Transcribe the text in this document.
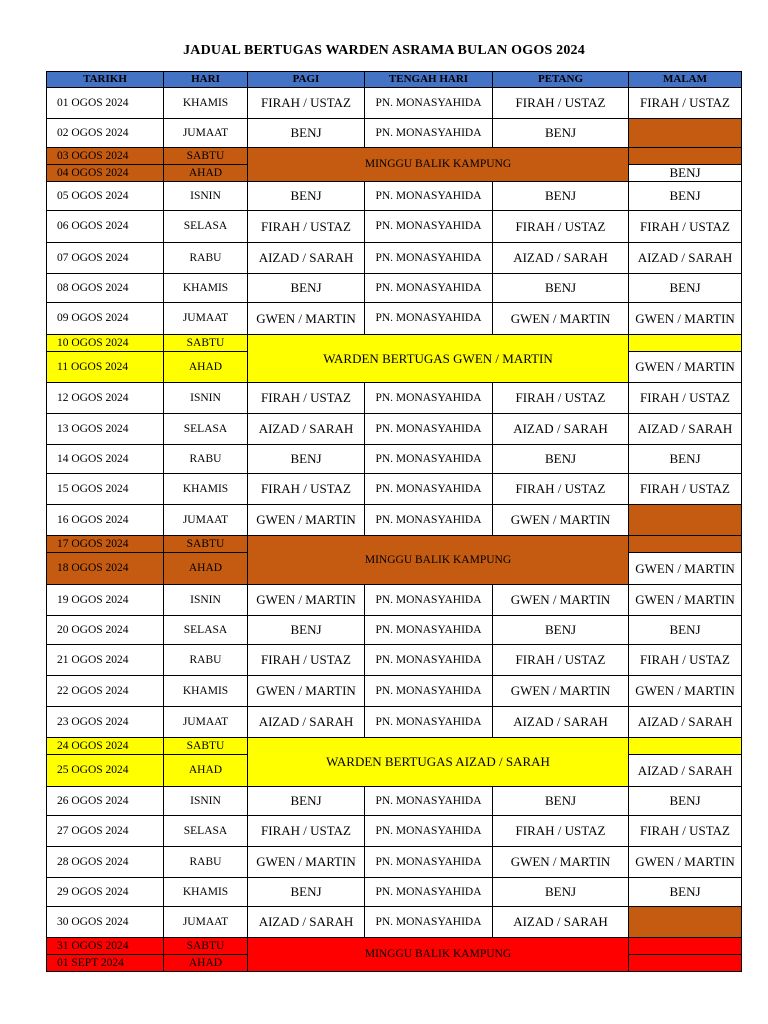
JADUAL BERTUGAS WARDEN ASRAMA BULAN OGOS 2024
TARIKH	HARI	PAGI	TENGAH HARI	PETANG	MALAM
01 OGOS 2024	KHAMIS	FIRAH / USTAZ	PN. MONASYAHIDA	FIRAH / USTAZ	FIRAH / USTAZ
02 OGOS 2024	JUMAAT	BENJ	PN. MONASYAHIDA	BENJ	
03 OGOS 2024	SABTU	MINGGU BALIK KAMPUNG			
04 OGOS 2024	AHAD				BENJ
05 OGOS 2024	ISNIN	BENJ	PN. MONASYAHIDA	BENJ	BENJ
06 OGOS 2024	SELASA	FIRAH / USTAZ	PN. MONASYAHIDA	FIRAH / USTAZ	FIRAH / USTAZ
07 OGOS 2024	RABU	AIZAD / SARAH	PN. MONASYAHIDA	AIZAD / SARAH	AIZAD / SARAH
08 OGOS 2024	KHAMIS	BENJ	PN. MONASYAHIDA	BENJ	BENJ
09 OGOS 2024	JUMAAT	GWEN / MARTIN	PN. MONASYAHIDA	GWEN / MARTIN	GWEN / MARTIN
10 OGOS 2024	SABTU	WARDEN BERTUGAS GWEN / MARTIN			
11 OGOS 2024	AHAD				GWEN / MARTIN
12 OGOS 2024	ISNIN	FIRAH / USTAZ	PN. MONASYAHIDA	FIRAH / USTAZ	FIRAH / USTAZ
13 OGOS 2024	SELASA	AIZAD / SARAH	PN. MONASYAHIDA	AIZAD / SARAH	AIZAD / SARAH
14 OGOS 2024	RABU	BENJ	PN. MONASYAHIDA	BENJ	BENJ
15 OGOS 2024	KHAMIS	FIRAH / USTAZ	PN. MONASYAHIDA	FIRAH / USTAZ	FIRAH / USTAZ
16 OGOS 2024	JUMAAT	GWEN / MARTIN	PN. MONASYAHIDA	GWEN / MARTIN	
17 OGOS 2024	SABTU	MINGGU BALIK KAMPUNG			
18 OGOS 2024	AHAD				GWEN / MARTIN
19 OGOS 2024	ISNIN	GWEN / MARTIN	PN. MONASYAHIDA	GWEN / MARTIN	GWEN / MARTIN
20 OGOS 2024	SELASA	BENJ	PN. MONASYAHIDA	BENJ	BENJ
21 OGOS 2024	RABU	FIRAH / USTAZ	PN. MONASYAHIDA	FIRAH / USTAZ	FIRAH / USTAZ
22 OGOS 2024	KHAMIS	GWEN / MARTIN	PN. MONASYAHIDA	GWEN / MARTIN	GWEN / MARTIN
23 OGOS 2024	JUMAAT	AIZAD / SARAH	PN. MONASYAHIDA	AIZAD / SARAH	AIZAD / SARAH
24 OGOS 2024	SABTU	WARDEN BERTUGAS AIZAD / SARAH			
25 OGOS 2024	AHAD				AIZAD / SARAH
26 OGOS 2024	ISNIN	BENJ	PN. MONASYAHIDA	BENJ	BENJ
27 OGOS 2024	SELASA	FIRAH / USTAZ	PN. MONASYAHIDA	FIRAH / USTAZ	FIRAH / USTAZ
28 OGOS 2024	RABU	GWEN / MARTIN	PN. MONASYAHIDA	GWEN / MARTIN	GWEN / MARTIN
29 OGOS 2024	KHAMIS	BENJ	PN. MONASYAHIDA	BENJ	BENJ
30 OGOS 2024	JUMAAT	AIZAD / SARAH	PN. MONASYAHIDA	AIZAD / SARAH	
31 OGOS 2024	SABTU	MINGGU BALIK KAMPUNG			
01 SEPT 2024	AHAD				
